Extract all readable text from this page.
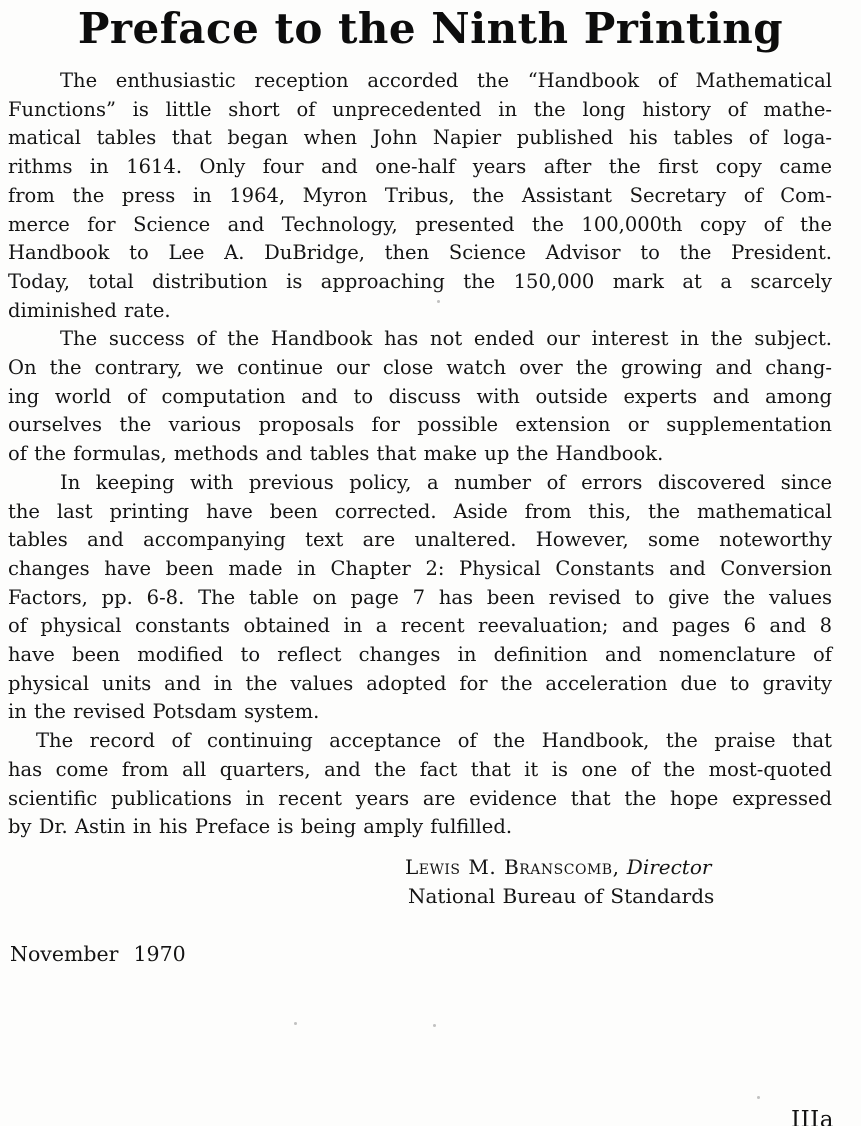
Preface to the Ninth Printing
The enthusiastic reception accorded the “Handbook of Mathematical
Functions” is little short of unprecedented in the long history of mathe-
matical tables that began when John Napier published his tables of loga-
rithms in 1614. Only four and one-half years after the first copy came
from the press in 1964, Myron Tribus, the Assistant Secretary of Com-
merce for Science and Technology, presented the 100,000th copy of the
Handbook to Lee A. DuBridge, then Science Advisor to the President.
Today, total distribution is approaching the 150,000 mark at a scarcely
diminished rate.
The success of the Handbook has not ended our interest in the subject.
On the contrary, we continue our close watch over the growing and chang-
ing world of computation and to discuss with outside experts and among
ourselves the various proposals for possible extension or supplementation
of the formulas, methods and tables that make up the Handbook.
In keeping with previous policy, a number of errors discovered since
the last printing have been corrected. Aside from this, the mathematical
tables and accompanying text are unaltered. However, some noteworthy
changes have been made in Chapter 2: Physical Constants and Conversion
Factors, pp. 6-8. The table on page 7 has been revised to give the values
of physical constants obtained in a recent reevaluation; and pages 6 and 8
have been modified to reflect changes in definition and nomenclature of
physical units and in the values adopted for the acceleration due to gravity
in the revised Potsdam system.
The record of continuing acceptance of the Handbook, the praise that
has come from all quarters, and the fact that it is one of the most-quoted
scientific publications in recent years are evidence that the hope expressed
by Dr. Astin in his Preface is being amply fulfilled.
Lewis M. Branscomb, Director
National Bureau of Standards
November  1970
IIIa
